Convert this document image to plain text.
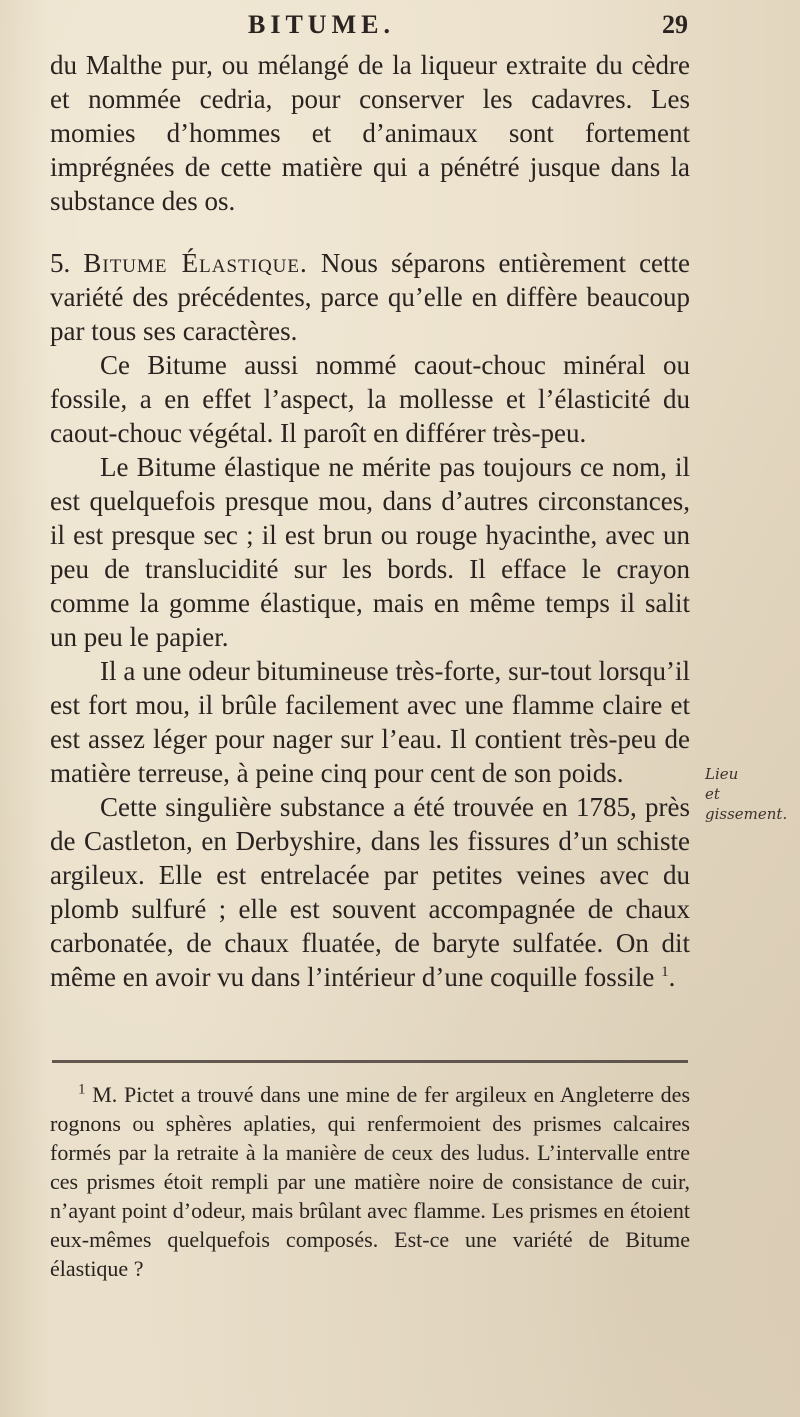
BITUME.	29

du Malthe pur, ou mélangé de la liqueur extraite du cèdre et nommée cedria, pour conserver les cadavres. Les momies d’hommes et d’animaux sont fortement imprégnées de cette matière qui a pénétré jusque dans la substance des os.

5. Bitume Élastique. Nous séparons entièrement cette variété des précédentes, parce qu’elle en diffère beaucoup par tous ses caractères.

Ce Bitume aussi nommé caout-chouc minéral ou fossile, a en effet l’aspect, la mollesse et l’élasticité du caout-chouc végétal. Il paroît en différer très-peu.

Le Bitume élastique ne mérite pas toujours ce nom, il est quelquefois presque mou, dans d’autres circonstances, il est presque sec ; il est brun ou rouge hyacinthe, avec un peu de translucidité sur les bords. Il efface le crayon comme la gomme élastique, mais en même temps il salit un peu le papier.

Il a une odeur bitumineuse très-forte, sur-tout lorsqu’il est fort mou, il brûle facilement avec une flamme claire et est assez léger pour nager sur l’eau. Il contient très-peu de matière terreuse, à peine cinq pour cent de son poids.

Cette singulière substance a été trouvée en 1785, près de Castleton, en Derbyshire, dans les fissures d’un schiste argileux. Elle est entrelacée par petites veines avec du plomb sulfuré ; elle est souvent accompagnée de chaux carbonatée, de chaux fluatée, de baryte sulfatée. On dit même en avoir vu dans l’intérieur d’une coquille fossile $^1$.

Lieu
et gissement.

$^1$ M. Pictet a trouvé dans une mine de fer argileux en Angleterre des rognons ou sphères aplaties, qui renfermoient des prismes calcaires formés par la retraite à la manière de ceux des ludus. L’intervalle entre ces prismes étoit rempli par une matière noire de consistance de cuir, n’ayant point d’odeur, mais brûlant avec flamme. Les prismes en étoient eux-mêmes quelquefois composés. Est-ce une variété de Bitume élastique ?
